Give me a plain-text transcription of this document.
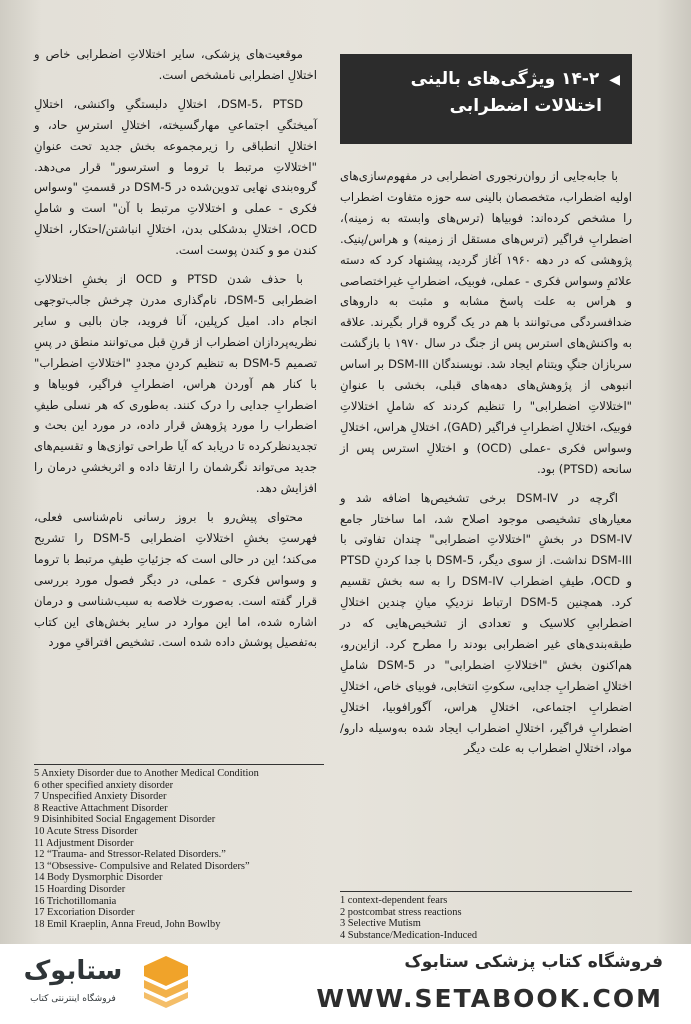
◀ ۱۴-۲ ویژگی‌های بالینی
اختلالات اضطرابی

با جابه‌جایی از روان‌رنجوری اضطرابی در مفهوم‌سازی‌های اولیه اضطراب، متخصصان بالینی سه حوزه متفاوت اضطراب را مشخص کرده‌اند: فوبیاها (ترس‌های وابسته به زمینه)، اضطرابِ فراگیر (ترس‌های مستقل از زمینه) و هراس/پنیک. پژوهشی که در دهه ۱۹۶۰ آغاز گردید، پیشنهاد کرد که دسته علائمِ وسواس فکری - عملی، فوبیک، اضطرابِ غیراختصاصی و هراس به علت پاسخ مشابه و مثبت به داروهای ضدافسردگی می‌توانند با هم در یک گروه قرار بگیرند. علاقه به واکنش‌های استرس پس از جنگ در سال ۱۹۷۰ با بازگشت سربازان جنگِ ویتنام ایجاد شد. نویسندگان DSM-III بر اساس انبوهی از پژوهش‌های دهه‌های قبلی، بخشی با عنوانِ "اختلالاتِ اضطرابی" را تنظیم کردند که شاملِ اختلالاتِ فوبیک، اختلالِ اضطرابِ فراگیر (GAD)، اختلالِ هراس، اختلالِ وسواس فکری -عملی (OCD) و اختلالِ استرس پس از سانحه (PTSD) بود.

اگرچه در DSM-IV برخی تشخیص‌ها اضافه شد و معیارهای تشخیصی موجود اصلاح شد، اما ساختار جامع DSM-IV در بخشِ "اختلالاتِ اضطرابی" چندان تفاوتی با DSM-III نداشت. از سوی دیگر، DSM-5 با جدا کردنِ PTSD و OCD، طیفِ اضطراب DSM-IV را به سه بخش تقسیم کرد. همچنین DSM-5 ارتباط نزدیکِ میانِ چندین اختلالِ اضطرابیِ کلاسیک و تعدادی از تشخیص‌هایی که در طبقه‌بندی‌های غیر اضطرابی بودند را مطرح کرد. ازاین‌رو، هم‌اکنون بخش "اختلالاتِ اضطرابی" در DSM-5 شاملِ اختلالِ اضطرابِ جدایی، سکوتِ انتخابی، فوبیای خاص، اختلالِ اضطرابِ اجتماعی، اختلالِ هراس، آگورافوبیا، اختلالِ اضطرابِ فراگیر، اختلالِ اضطراب ایجاد شده به‌وسیله دارو/مواد، اختلالِ اضطراب به علت دیگر

موقعیت‌های پزشکی، سایر اختلالاتِ اضطرابی خاص و اختلالِ اضطرابی نامشخص است.

DSM-5، PTSD، اختلالِ دلبستگیِ واکنشی، اختلالِ آمیختگیِ اجتماعیِ مهارگسیخته، اختلالِ استرسِ حاد، و اختلالِ انطباقی را زیرمجموعه بخش جدید تحت عنوانِ "اختلالاتِ مرتبط با تروما و استرسور" قرار می‌دهد. گروه‌بندی نهایی تدوین‌شده در DSM-5 در قسمتِ "وسواس فکری - عملی و اختلالاتِ مرتبط با آن" است و شاملِ OCD، اختلالِ بدشکلی بدن، اختلالِ انباشتن/احتکار، اختلالِ کندن مو و کندن پوست است.

با حذف شدن PTSD و OCD از بخشِ اختلالاتِ اضطرابی DSM-5، نام‌گذاری مدرن چرخش جالب‌توجهی انجام داد. امیل کرپلین، آنا فروید، جان بالبی و سایر نظریه‌پردازان اضطراب از قرنِ قبل می‌توانند منطق در پسِ تصمیم DSM-5 به تنظیم کردنِ مجددِ "اختلالاتِ اضطراب" با کنار هم آوردن هراس، اضطرابِ فراگیر، فوبیاها و اضطرابِ جدایی را درک کنند. به‌طوری که هر نسلی طیفِ اضطراب را مورد پژوهش قرار داده، در مورد این بحث و تجدیدنظرکرده تا دریابد که آیا طراحی توازی‌ها و تقسیم‌های جدید می‌تواند نگرشمان را ارتقا داده و اثربخشیِ درمان را افزایش دهد.

محتوای پیش‌رو با بروز رسانی نام‌شناسی فعلی، فهرستِ بخشِ اختلالاتِ اضطرابی DSM-5 را تشریح می‌کند؛ این در حالی است که جزئیاتِ طیفِ مرتبط با تروما و وسواس فکری - عملی، در دیگر فصول مورد بررسی قرار گفته است. به‌صورت خلاصه به سبب‌شناسی و درمان اشاره شده، اما این موارد در سایر بخش‌های این کتاب به‌تفصیل پوشش داده شده است. تشخیص افتراقیِ مورد

5 Anxiety Disorder due to Another Medical Condition
6 other specified anxiety disorder
7 Unspecified Anxiety Disorder
8 Reactive Attachment Disorder
9 Disinhibited Social Engagement Disorder
10 Acute Stress Disorder
11 Adjustment Disorder
12 “Trauma- and Stressor-Related Disorders.”
13 “Obsessive- Compulsive and Related Disorders”
14 Body Dysmorphic Disorder
15 Hoarding Disorder
16 Trichotillomania
17 Excoriation Disorder
18 Emil Kraeplin, Anna Freud, John Bowlby
1 context-dependent fears
2 postcombat stress reactions
3 Selective Mutism
4 Substance/Medication-Induced
ستابوک
فروشگاه اینترنتی کتاب
فروشگاه کتاب پزشکی ستابوک
WWW.SETABOOK.COM
